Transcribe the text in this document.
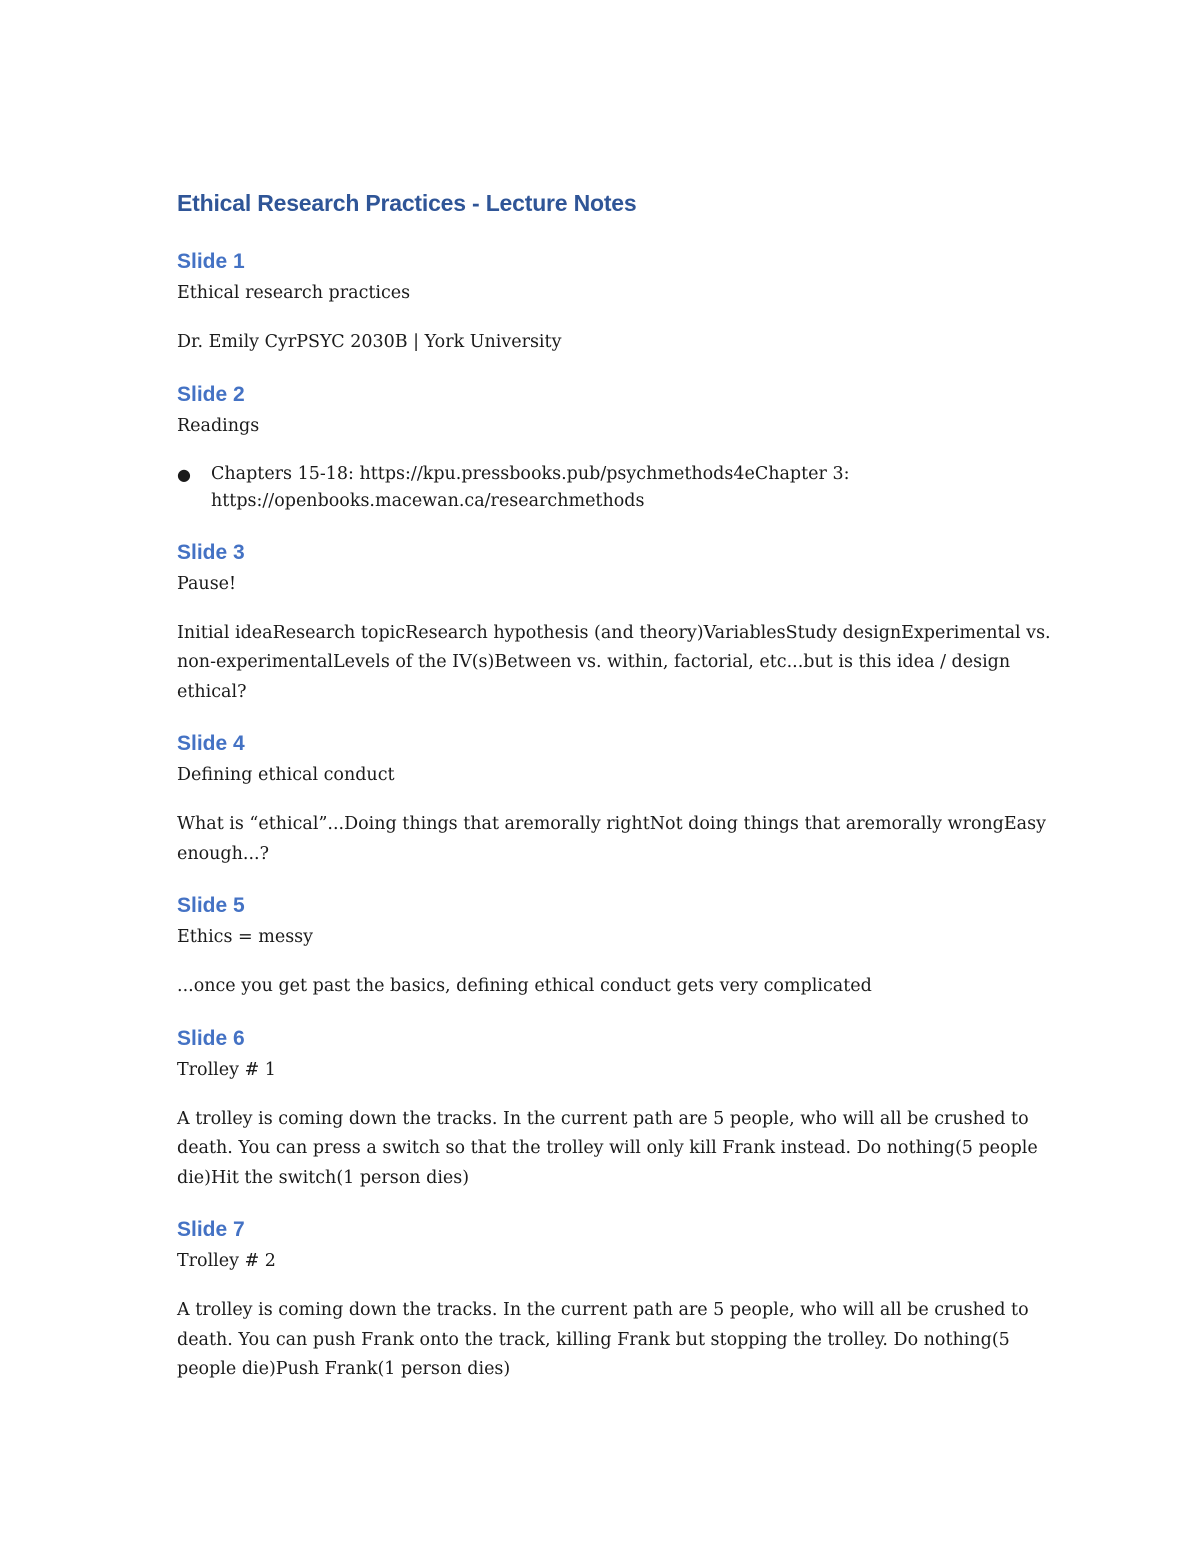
Ethical Research Practices - Lecture Notes
Slide 1

Ethical research practices

Dr. Emily CyrPSYC 2030B | York University

Slide 2

Readings

● Chapters 15-18: https://kpu.pressbooks.pub/psychmethods4eChapter 3: https://openbooks.macewan.ca/researchmethods
Slide 3

Pause!

Initial ideaResearch topicResearch hypothesis (and theory)VariablesStudy designExperimental vs. non-experimentalLevels of the IV(s)Between vs. within, factorial, etc...but is this idea / design ethical?

Slide 4

Defining ethical conduct

What is “ethical”...Doing things that aremorally rightNot doing things that aremorally wrongEasy enough...?

Slide 5

Ethics = messy

...once you get past the basics, defining ethical conduct gets very complicated

Slide 6

Trolley # 1

A trolley is coming down the tracks. In the current path are 5 people, who will all be crushed to death. You can press a switch so that the trolley will only kill Frank instead. Do nothing(5 people die)Hit the switch(1 person dies)

Slide 7

Trolley # 2

A trolley is coming down the tracks. In the current path are 5 people, who will all be crushed to death. You can push Frank onto the track, killing Frank but stopping the trolley. Do nothing(5 people die)Push Frank(1 person dies)
